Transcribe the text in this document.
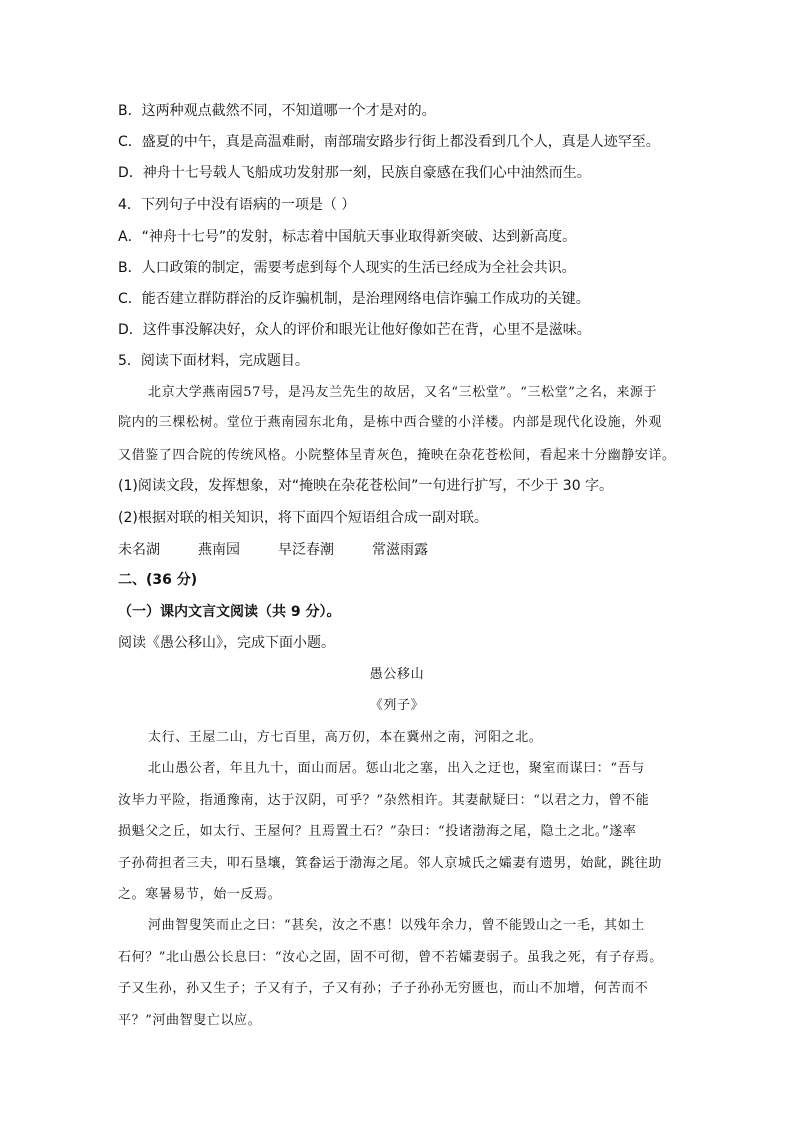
B．这两种观点截然不同，不知道哪一个才是对的。
C．盛夏的中午，真是高温难耐，南部瑞安路步行街上都没看到几个人，真是人迹罕至。
D．神舟十七号载人飞船成功发射那一刻，民族自豪感在我们心中油然而生。
4．下列句子中没有语病的一项是（ ）
A．“神舟十七号”的发射，标志着中国航天事业取得新突破、达到新高度。
B．人口政策的制定，需要考虑到每个人现实的生活已经成为全社会共识。
C．能否建立群防群治的反诈骗机制，是治理网络电信诈骗工作成功的关键。
D．这件事没解决好，众人的评价和眼光让他好像如芒在背，心里不是滋味。
5．阅读下面材料，完成题目。
北京大学燕南园57号，是冯友兰先生的故居，又名“三松堂”。“三松堂”之名，来源于
院内的三棵松树。堂位于燕南园东北角，是栋中西合璧的小洋楼。内部是现代化设施，外观
又借鉴了四合院的传统风格。小院整体呈青灰色，掩映在杂花苍松间，看起来十分幽静安详。
(1)阅读文段，发挥想象，对“掩映在杂花苍松间”一句进行扩写，不少于 30 字。
(2)根据对联的相关知识，将下面四个短语组合成一副对联。
未名湖	燕南园	早泛春潮	常滋雨露
二、(36 分)
（一）课内文言文阅读（共 9 分）。
阅读《愚公移山》，完成下面小题。
愚公移山
《列子》
太行、王屋二山，方七百里，高万仞，本在冀州之南，河阳之北。
北山愚公者，年且九十，面山而居。惩山北之塞，出入之迂也，聚室而谋曰：“吾与
汝毕力平险，指通豫南，达于汉阴，可乎？”杂然相许。其妻献疑曰：“以君之力，曾不能
损魁父之丘，如太行、王屋何？且焉置土石？”杂曰：“投诸渤海之尾，隐土之北。”遂率
子孙荷担者三夫，叩石垦壤，箕畚运于渤海之尾。邻人京城氏之孀妻有遗男，始龀，跳往助
之。寒暑易节，始一反焉。
河曲智叟笑而止之曰：“甚矣，汝之不惠！以残年余力，曾不能毁山之一毛，其如土
石何？”北山愚公长息曰：“汝心之固，固不可彻，曾不若孀妻弱子。虽我之死，有子存焉。
子又生孙，孙又生子；子又有子，子又有孙；子子孙孙无穷匮也，而山不加增，何苦而不
平？”河曲智叟亡以应。
